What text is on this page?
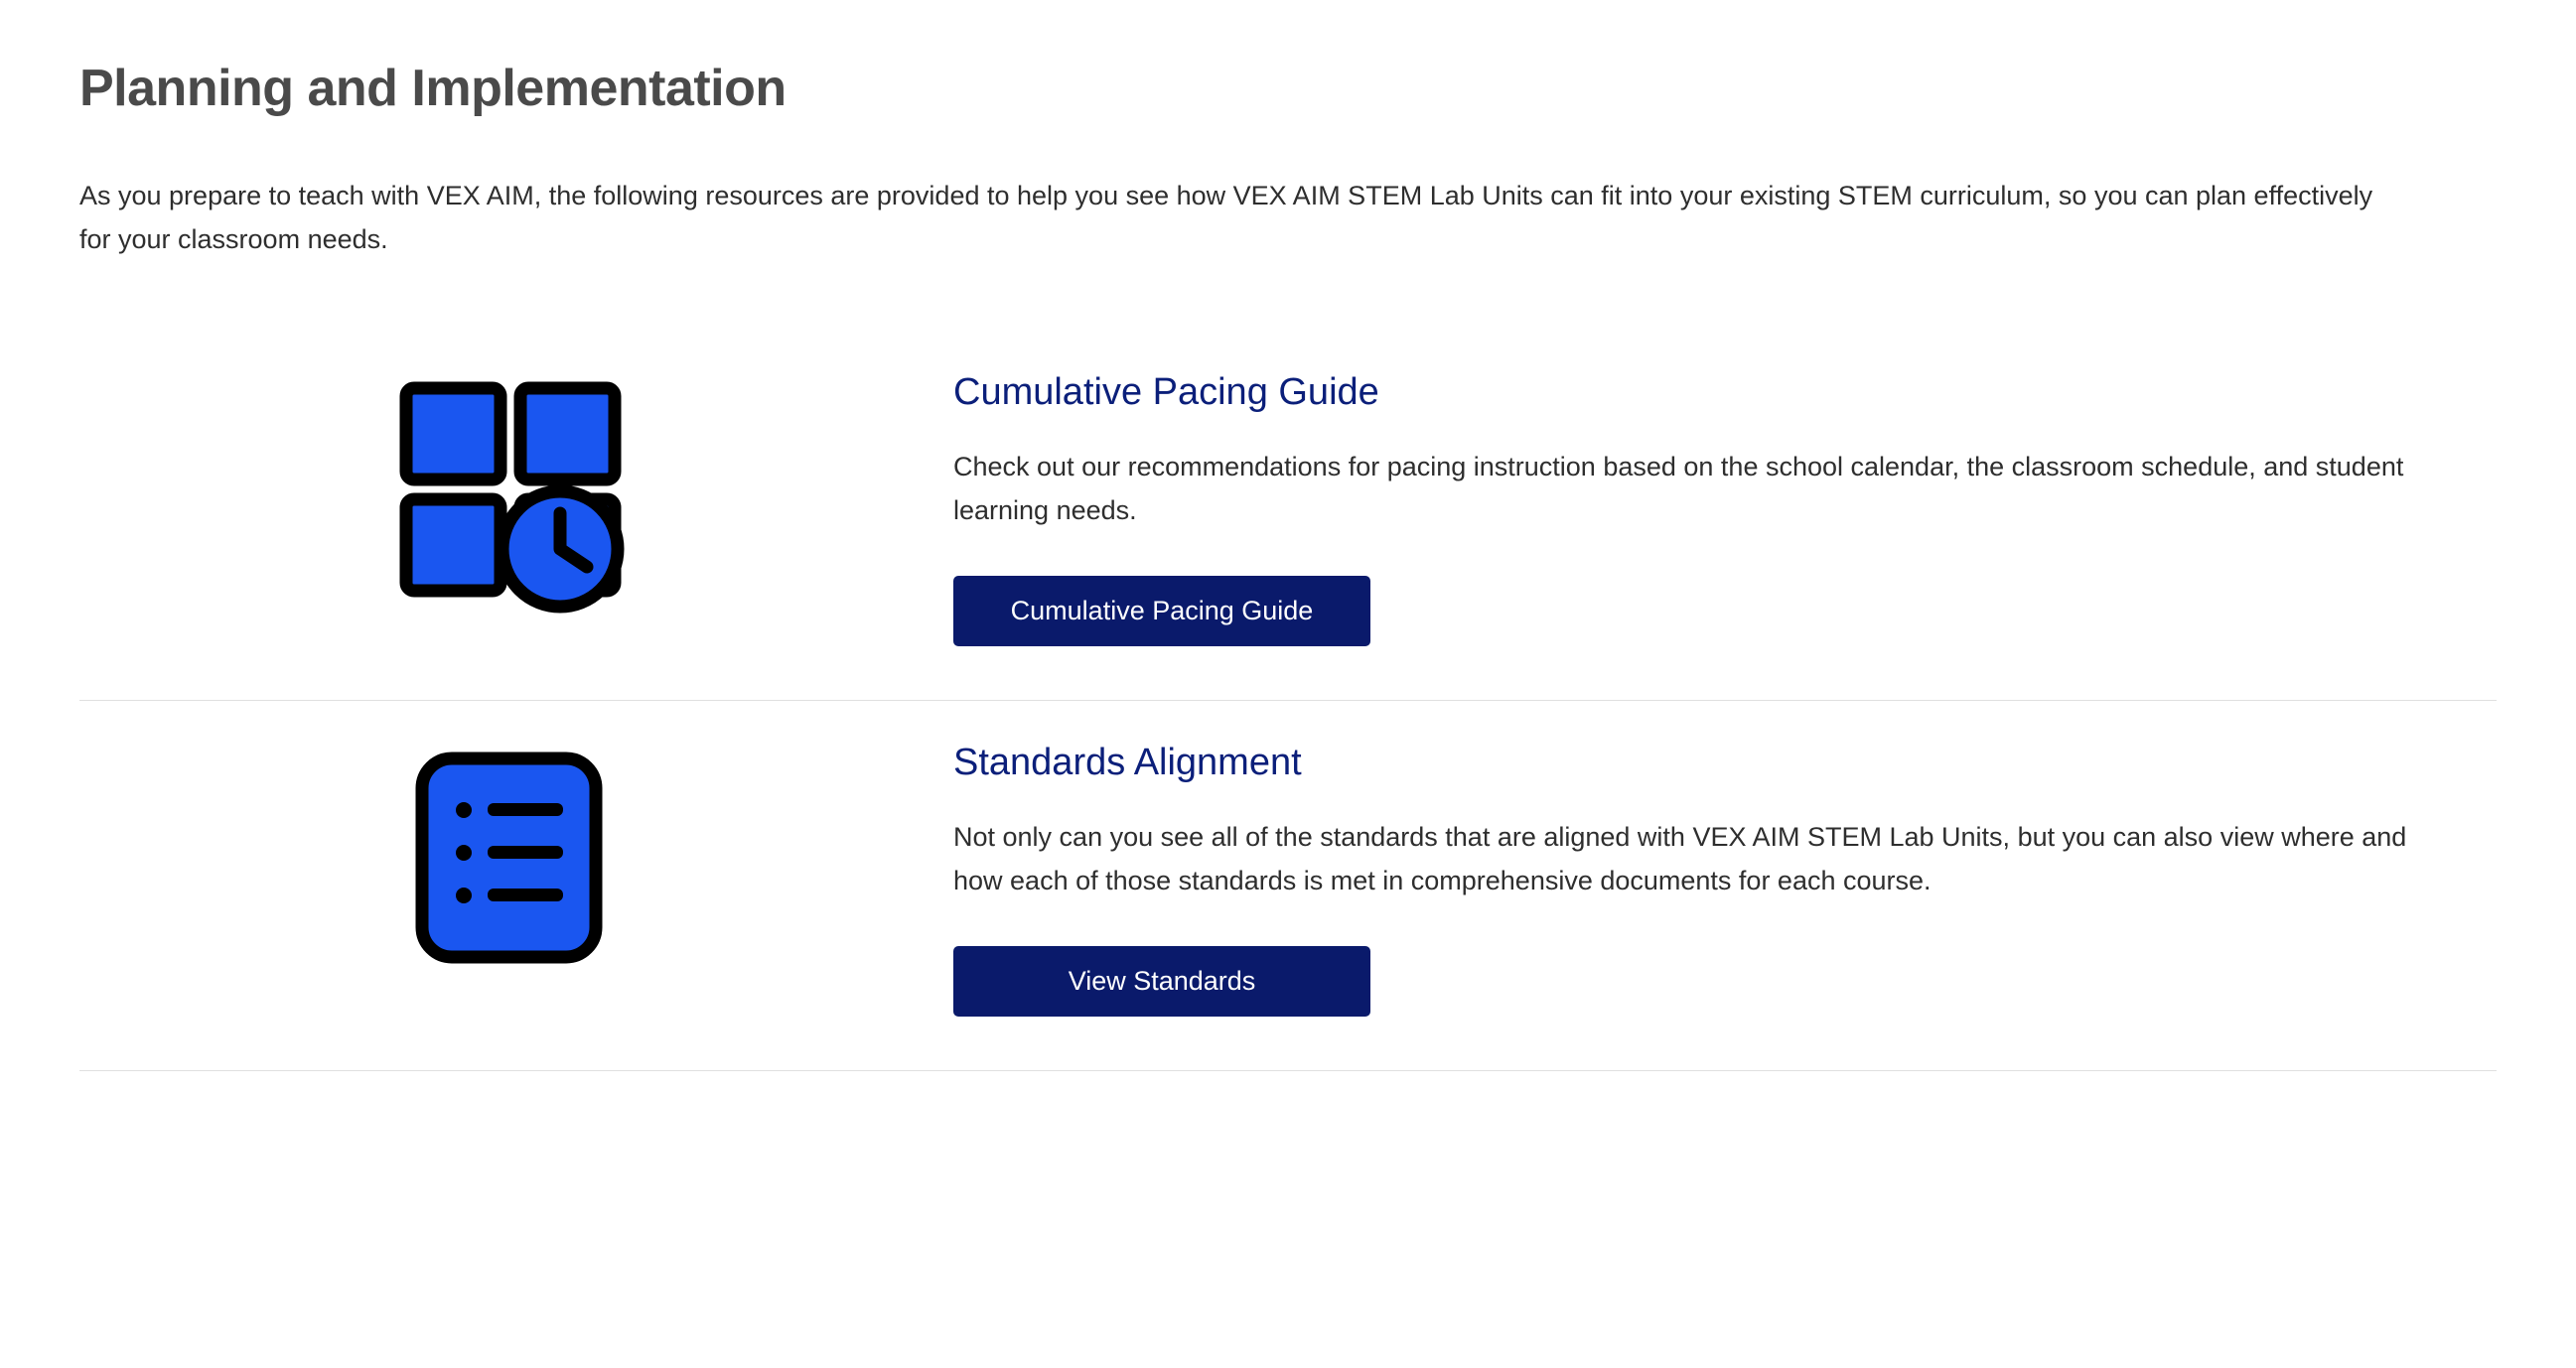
Planning and Implementation

As you prepare to teach with VEX AIM, the following resources are provided to help you see how VEX AIM STEM Lab Units can fit into your existing STEM curriculum, so you can plan effectively for your classroom needs.

Cumulative Pacing Guide

Check out our recommendations for pacing instruction based on the school calendar, the classroom schedule, and student learning needs.

Cumulative Pacing Guide
Standards Alignment

Not only can you see all of the standards that are aligned with VEX AIM STEM Lab Units, but you can also view where and how each of those standards is met in comprehensive documents for each course.

View Standards
